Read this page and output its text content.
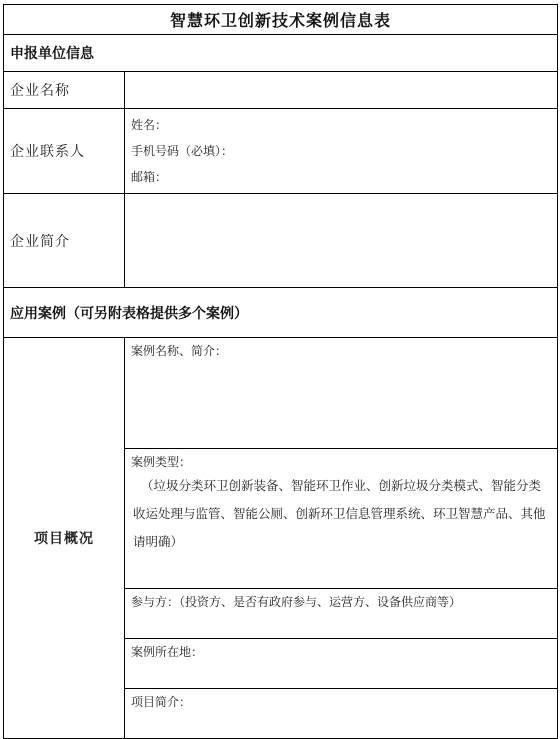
智慧环卫创新技术案例信息表	
申报单位信息	
企业名称	
企业联系人	姓名：
手机号码（必填）：
邮箱：

企业简介	
应用案例（可另附表格提供多个案例）	
项目概况	案例名称、简介：

	案例类型：
（垃圾分类环卫创新装备、智能环卫作业、创新垃圾分类模式、智能分类收运处理与监管、智能公厕、创新环卫信息管理系统、环卫智慧产品、其他请明确）

	参与方：（投资方、是否有政府参与、运营方、设备供应商等）

	案例所在地：

	项目简介：
